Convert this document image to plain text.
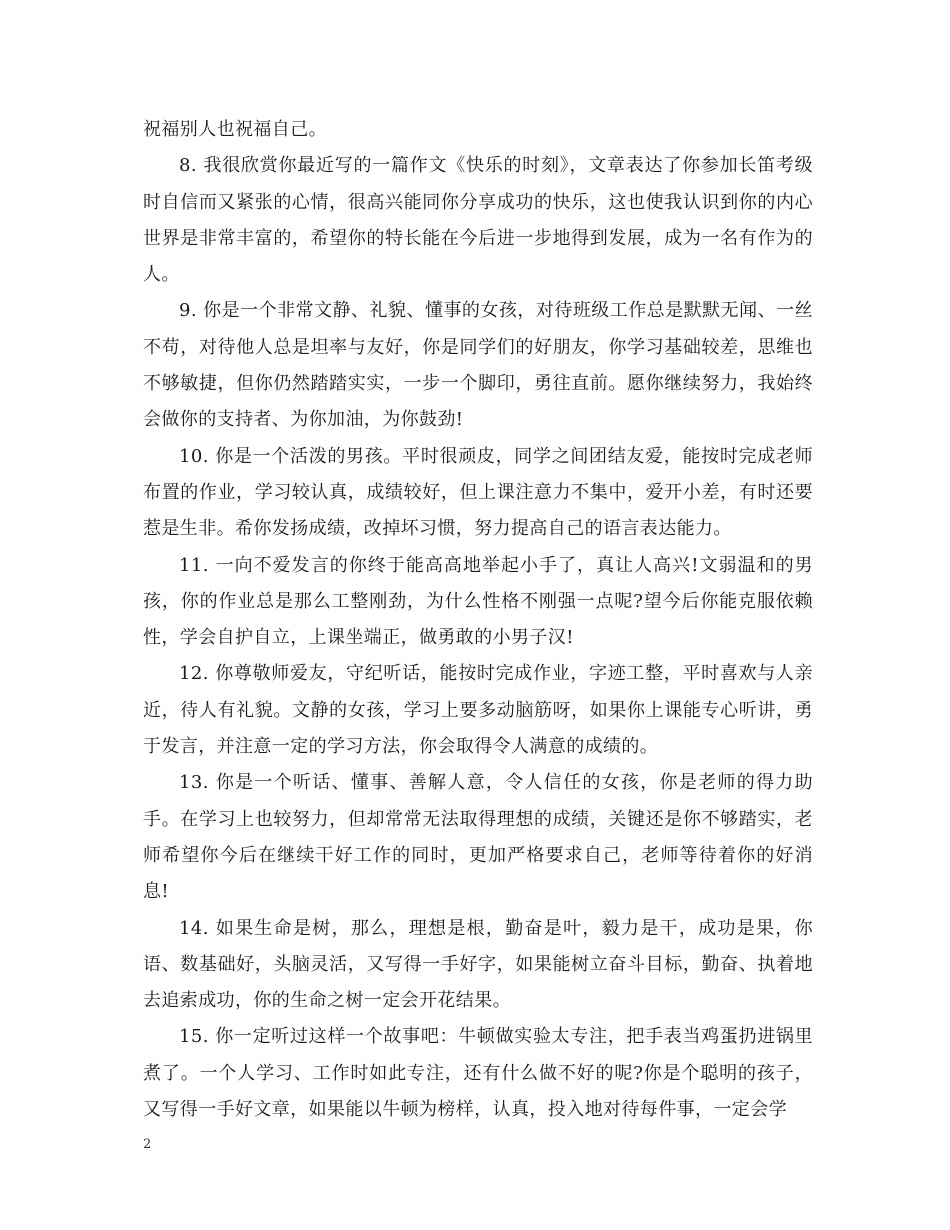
祝福别人也祝福自己。

8. 我很欣赏你最近写的一篇作文《快乐的时刻》，文章表达了你参加长笛考级时自信而又紧张的心情，很高兴能同你分享成功的快乐，这也使我认识到你的内心世界是非常丰富的，希望你的特长能在今后进一步地得到发展，成为一名有作为的人。

9. 你是一个非常文静、礼貌、懂事的女孩，对待班级工作总是默默无闻、一丝不苟，对待他人总是坦率与友好，你是同学们的好朋友，你学习基础较差，思维也不够敏捷，但你仍然踏踏实实，一步一个脚印，勇往直前。愿你继续努力，我始终会做你的支持者、为你加油，为你鼓劲!

10. 你是一个活泼的男孩。平时很顽皮，同学之间团结友爱，能按时完成老师布置的作业，学习较认真，成绩较好，但上课注意力不集中，爱开小差，有时还要惹是生非。希你发扬成绩，改掉坏习惯，努力提高自己的语言表达能力。

11. 一向不爱发言的你终于能高高地举起小手了，真让人高兴!文弱温和的男孩，你的作业总是那么工整刚劲，为什么性格不刚强一点呢?望今后你能克服依赖性，学会自护自立，上课坐端正，做勇敢的小男子汉!

12. 你尊敬师爱友，守纪听话，能按时完成作业，字迹工整，平时喜欢与人亲近，待人有礼貌。文静的女孩，学习上要多动脑筋呀，如果你上课能专心听讲，勇于发言，并注意一定的学习方法，你会取得令人满意的成绩的。

13. 你是一个听话、懂事、善解人意，令人信任的女孩，你是老师的得力助手。在学习上也较努力，但却常常无法取得理想的成绩，关键还是你不够踏实，老师希望你今后在继续干好工作的同时，更加严格要求自己，老师等待着你的好消息!

14. 如果生命是树，那么，理想是根，勤奋是叶，毅力是干，成功是果，你语、数基础好，头脑灵活，又写得一手好字，如果能树立奋斗目标，勤奋、执着地去追索成功，你的生命之树一定会开花结果。

15. 你一定听过这样一个故事吧：牛顿做实验太专注，把手表当鸡蛋扔进锅里煮了。一个人学习、工作时如此专注，还有什么做不好的呢?你是个聪明的孩子，又写得一手好文章，如果能以牛顿为榜样，认真，投入地对待每件事，一定会学

2
